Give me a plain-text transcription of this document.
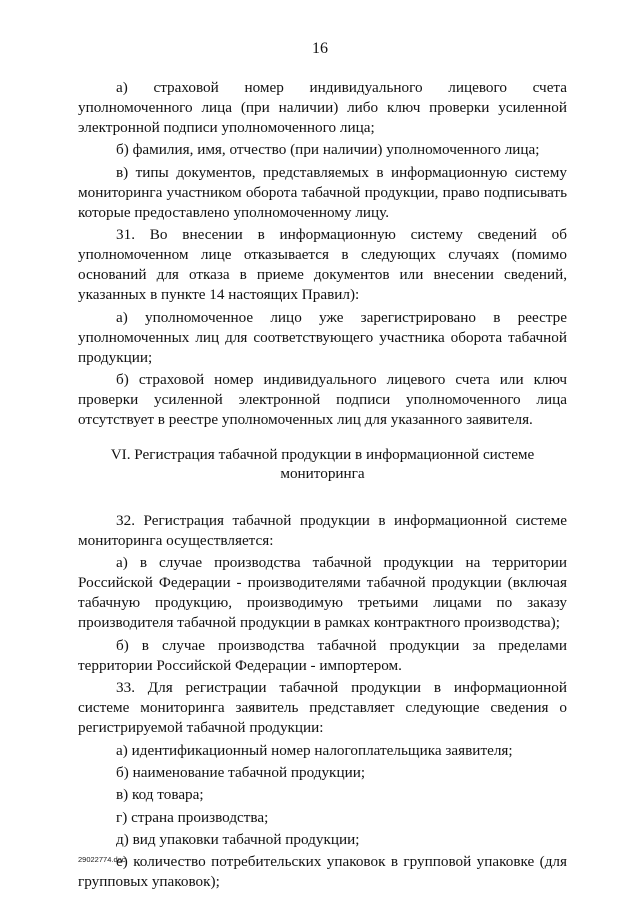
16

а) страховой номер индивидуального лицевого счета уполномоченного лица (при наличии) либо ключ проверки усиленной электронной подписи уполномоченного лица;

б) фамилия, имя, отчество (при наличии) уполномоченного лица;

в) типы документов, представляемых в информационную систему мониторинга участником оборота табачной продукции, право подписывать которые предоставлено уполномоченному лицу.

31. Во внесении в информационную систему сведений об уполномоченном лице отказывается в следующих случаях (помимо оснований для отказа в приеме документов или внесении сведений, указанных в пункте 14 настоящих Правил):

а) уполномоченное лицо уже зарегистрировано в реестре уполномоченных лиц для соответствующего участника оборота табачной продукции;

б) страховой номер индивидуального лицевого счета или ключ проверки усиленной электронной подписи уполномоченного лица отсутствует в реестре уполномоченных лиц для указанного заявителя.

VI. Регистрация табачной продукции в информационной системе
мониторинга

32. Регистрация табачной продукции в информационной системе мониторинга осуществляется:

а) в случае производства табачной продукции на территории Российской Федерации - производителями табачной продукции (включая табачную продукцию, производимую третьими лицами по заказу производителя табачной продукции в рамках контрактного производства);

б) в случае производства табачной продукции за пределами территории Российской Федерации - импортером.

33. Для регистрации табачной продукции в информационной системе мониторинга заявитель представляет следующие сведения о регистрируемой табачной продукции:

а) идентификационный номер налогоплательщика заявителя;

б) наименование табачной продукции;

в) код товара;

г) страна производства;

д) вид упаковки табачной продукции;

е) количество потребительских упаковок в групповой упаковке (для групповых упаковок);

29022774.doc
